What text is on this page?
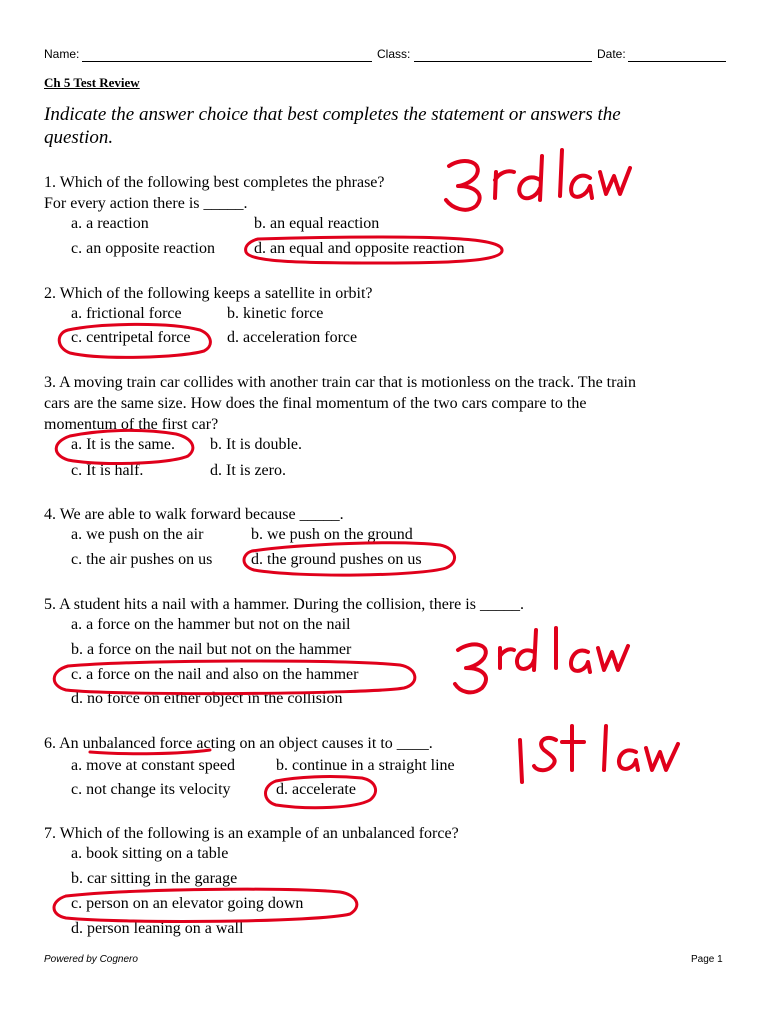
Name:	Class:	Date:
Ch 5 Test Review
Indicate the answer choice that best completes the statement or answers the question.
1. Which of the following best completes the phrase?
For every action there is _____.
a. a reaction	b. an equal reaction
c. an opposite reaction d. an equal and opposite reaction
2. Which of the following keeps a satellite in orbit?
a. frictional force	b. kinetic force
c. centripetal force d. acceleration force
3. A moving train car collides with another train car that is motionless on the track. The train
cars are the same size. How does the final momentum of the two cars compare to the
momentum of the first car?
a. It is the same. b. It is double.
c. It is half.	d. It is zero.
4. We are able to walk forward because _____.
a. we push on the air	b. we push on the ground
c. the air pushes on us d. the ground pushes on us
5. A student hits a nail with a hammer. During the collision, there is _____.
a. a force on the hammer but not on the nail
b. a force on the nail but not on the hammer
c. a force on the nail and also on the hammer
d. no force on either object in the collision
6. An unbalanced force acting on an object causes it to ____.
a. move at constant speed	b. continue in a straight line
c. not change its velocity	d. accelerate
7. Which of the following is an example of an unbalanced force?
a. book sitting on a table
b. car sitting in the garage
c. person on an elevator going down
d. person leaning on a wall
Powered by Cognero	Page 1
